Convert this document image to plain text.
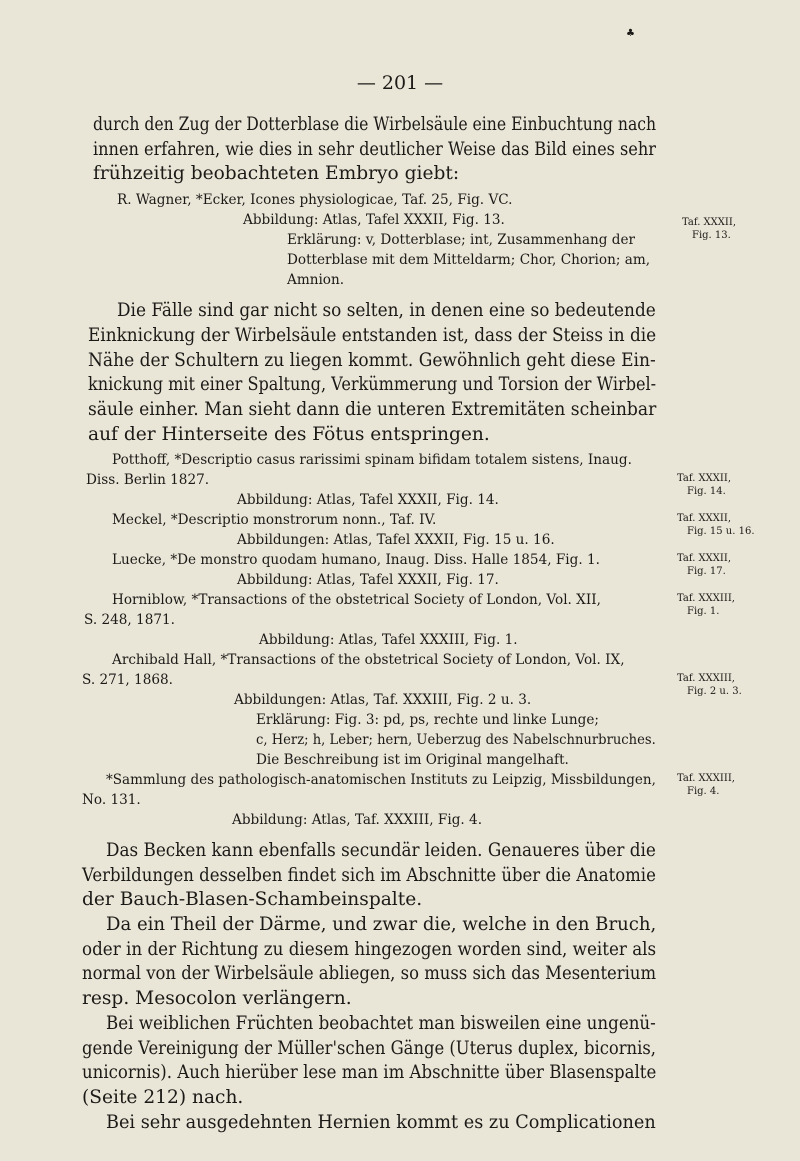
♣
— 201 —
durch den Zug der Dotterblase die Wirbelsäule eine Einbuchtung nach
innen erfahren, wie dies in sehr deutlicher Weise das Bild eines sehr
frühzeitig beobachteten Embryo giebt:
R. Wagner, *Ecker, Icones physiologicae, Taf. 25, Fig. VC.
Abbildung: Atlas, Tafel XXXII, Fig. 13.
Erklärung: v, Dotterblase; int, Zusammenhang der
Dotterblase mit dem Mitteldarm; Chor, Chorion; am,
Amnion.
Die Fälle sind gar nicht so selten, in denen eine so bedeutende
Einknickung der Wirbelsäule entstanden ist, dass der Steiss in die
Nähe der Schultern zu liegen kommt. Gewöhnlich geht diese Ein-
knickung mit einer Spaltung, Verkümmerung und Torsion der Wirbel-
säule einher. Man sieht dann die unteren Extremitäten scheinbar
auf der Hinterseite des Fötus entspringen.
Potthoff, *Descriptio casus rarissimi spinam bifidam totalem sistens, Inaug.
Diss. Berlin 1827.
Abbildung: Atlas, Tafel XXXII, Fig. 14.
Meckel, *Descriptio monstrorum nonn., Taf. IV.
Abbildungen: Atlas, Tafel XXXII, Fig. 15 u. 16.
Luecke, *De monstro quodam humano, Inaug. Diss. Halle 1854, Fig. 1.
Abbildung: Atlas, Tafel XXXII, Fig. 17.
Horniblow, *Transactions of the obstetrical Society of London, Vol. XII,
S. 248, 1871.
Abbildung: Atlas, Tafel XXXIII, Fig. 1.
Archibald Hall, *Transactions of the obstetrical Society of London, Vol. IX,
S. 271, 1868.
Abbildungen: Atlas, Taf. XXXIII, Fig. 2 u. 3.
Erklärung: Fig. 3: pd, ps, rechte und linke Lunge;
c, Herz; h, Leber; hern, Ueberzug des Nabelschnurbruches.
Die Beschreibung ist im Original mangelhaft.
*Sammlung des pathologisch-anatomischen Instituts zu Leipzig, Missbildungen,
No. 131.
Abbildung: Atlas, Taf. XXXIII, Fig. 4.
Das Becken kann ebenfalls secundär leiden. Genaueres über die
Verbildungen desselben findet sich im Abschnitte über die Anatomie
der Bauch-Blasen-Schambeinspalte.
Da ein Theil der Därme, und zwar die, welche in den Bruch,
oder in der Richtung zu diesem hingezogen worden sind, weiter als
normal von der Wirbelsäule abliegen, so muss sich das Mesenterium
resp. Mesocolon verlängern.
Bei weiblichen Früchten beobachtet man bisweilen eine ungenü-
gende Vereinigung der Müller'schen Gänge (Uterus duplex, bicornis,
unicornis). Auch hierüber lese man im Abschnitte über Blasenspalte
(Seite 212) nach.
Bei sehr ausgedehnten Hernien kommt es zu Complicationen
Taf. XXXII,
Fig. 13.
Taf. XXXII,
Fig. 14.
Taf. XXXII,
Fig. 15 u. 16.
Taf. XXXII,
Fig. 17.
Taf. XXXIII,
Fig. 1.
Taf. XXXIII,
Fig. 2 u. 3.
Taf. XXXIII,
Fig. 4.
